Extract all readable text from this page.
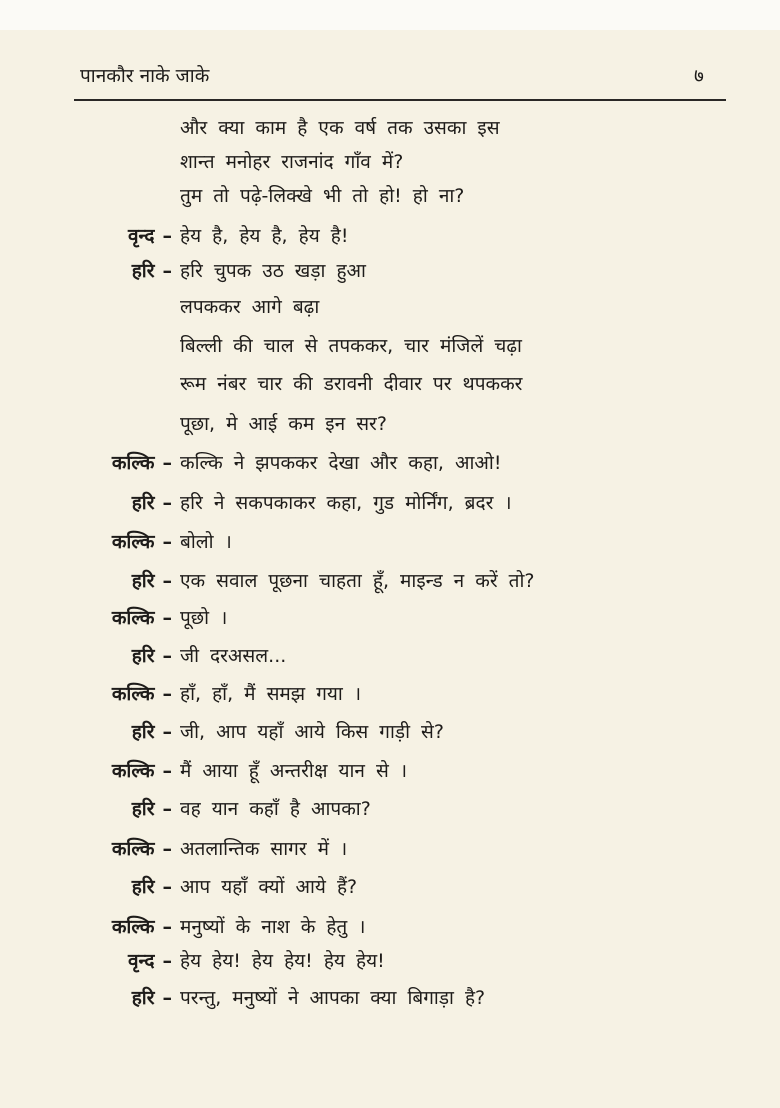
पानकौर नाके जाके	७
और क्या काम है एक वर्ष तक उसका इस
शान्त मनोहर राजनांद गाँव में?
तुम तो पढ़े-लिक्खे भी तो हो! हो ना?
वृन्द – हेय है, हेय है, हेय है!
हरि – हरि चुपक उठ खड़ा हुआ
लपककर आगे बढ़ा
बिल्ली की चाल से तपककर, चार मंजिलें चढ़ा
रूम नंबर चार की डरावनी दीवार पर थपककर
पूछा, मे आई कम इन सर?
कल्कि – कल्कि ने झपककर देखा और कहा, आओ!
हरि – हरि ने सकपकाकर कहा, गुड मोर्निंग, ब्रदर ।
कल्कि – बोलो ।
हरि – एक सवाल पूछना चाहता हूँ, माइन्ड न करें तो?
कल्कि – पूछो ।
हरि – जी दरअसल...
कल्कि – हाँ, हाँ, मैं समझ गया ।
हरि – जी, आप यहाँ आये किस गाड़ी से?
कल्कि – मैं आया हूँ अन्तरीक्ष यान से ।
हरि – वह यान कहाँ है आपका?
कल्कि – अतलान्तिक सागर में ।
हरि – आप यहाँ क्यों आये हैं?
कल्कि – मनुष्यों के नाश के हेतु ।
वृन्द – हेय हेय! हेय हेय! हेय हेय!
हरि – परन्तु, मनुष्यों ने आपका क्या बिगाड़ा है?
